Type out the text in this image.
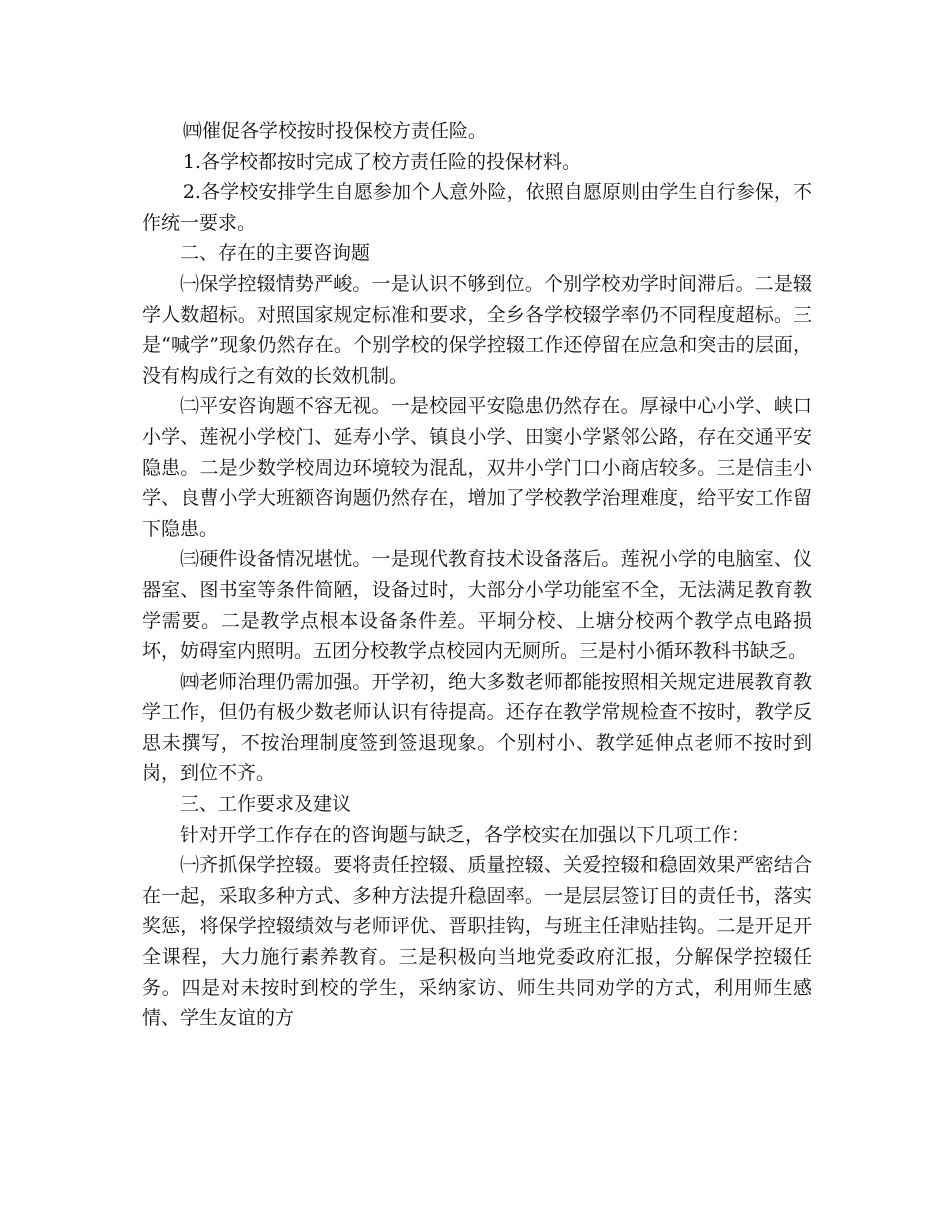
㈣催促各学校按时投保校方责任险。

1.各学校都按时完成了校方责任险的投保材料。

2.各学校安排学生自愿参加个人意外险，依照自愿原则由学生自行参保，不作统一要求。

二、存在的主要咨询题

㈠保学控辍情势严峻。一是认识不够到位。个别学校劝学时间滞后。二是辍学人数超标。对照国家规定标准和要求，全乡各学校辍学率仍不同程度超标。三是“喊学”现象仍然存在。个别学校的保学控辍工作还停留在应急和突击的层面，没有构成行之有效的长效机制。

㈡平安咨询题不容无视。一是校园平安隐患仍然存在。厚禄中心小学、峡口小学、莲祝小学校门、延寿小学、镇良小学、田窦小学紧邻公路，存在交通平安隐患。二是少数学校周边环境较为混乱，双井小学门口小商店较多。三是信圭小学、良曹小学大班额咨询题仍然存在，增加了学校教学治理难度，给平安工作留下隐患。

㈢硬件设备情况堪忧。一是现代教育技术设备落后。莲祝小学的电脑室、仪器室、图书室等条件简陋，设备过时，大部分小学功能室不全，无法满足教育教学需要。二是教学点根本设备条件差。平垌分校、上塘分校两个教学点电路损坏，妨碍室内照明。五团分校教学点校园内无厕所。三是村小循环教科书缺乏。

㈣老师治理仍需加强。开学初，绝大多数老师都能按照相关规定进展教育教学工作，但仍有极少数老师认识有待提高。还存在教学常规检查不按时，教学反思未撰写，不按治理制度签到签退现象。个别村小、教学延伸点老师不按时到岗，到位不齐。

三、工作要求及建议

针对开学工作存在的咨询题与缺乏，各学校实在加强以下几项工作：

㈠齐抓保学控辍。要将责任控辍、质量控辍、关爱控辍和稳固效果严密结合在一起，采取多种方式、多种方法提升稳固率。一是层层签订目的责任书，落实奖惩，将保学控辍绩效与老师评优、晋职挂钩，与班主任津贴挂钩。二是开足开全课程，大力施行素养教育。三是积极向当地党委政府汇报，分解保学控辍任务。四是对未按时到校的学生，采纳家访、师生共同劝学的方式，利用师生感情、学生友谊的方
